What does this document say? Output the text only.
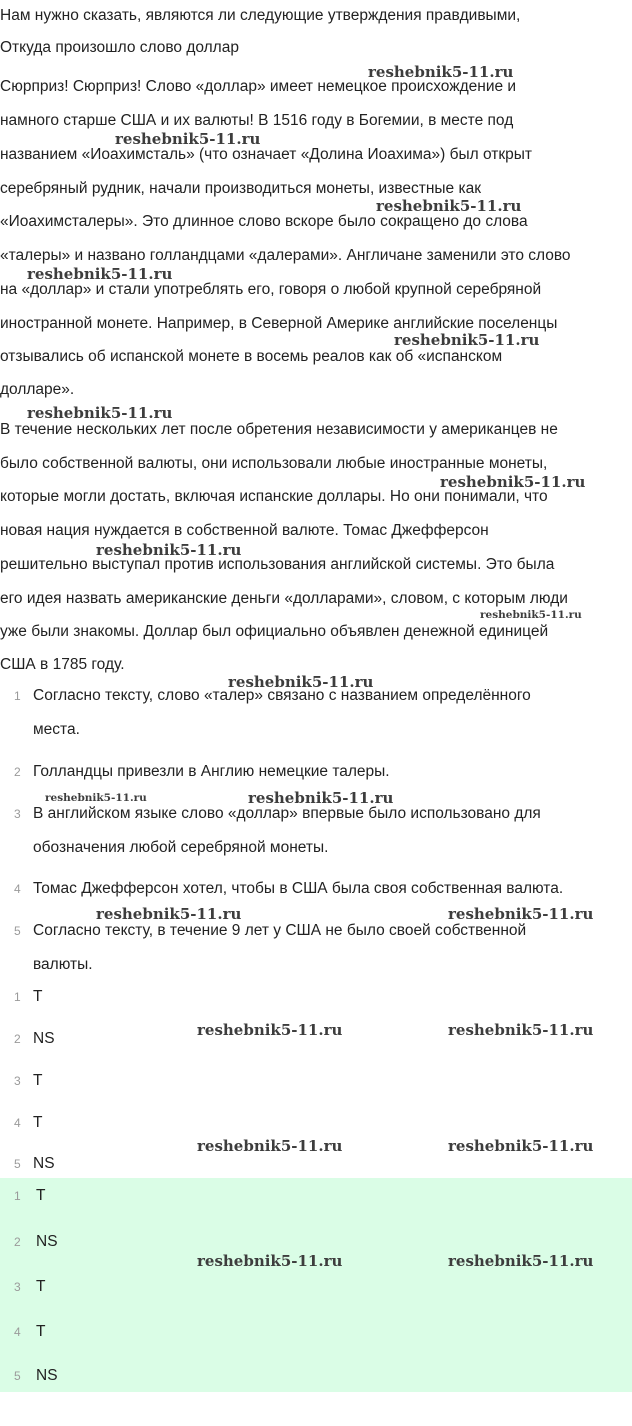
Нам нужно сказать, являются ли следующие утверждения правдивыми,
Откуда произошло слово доллар
Сюрприз! Сюрприз! Слово «доллар» имеет немецкое происхождение и
намного старше США и их валюты! В 1516 году в Богемии, в месте под
названием «Иоахимсталь» (что означает «Долина Иоахима») был открыт
серебряный рудник, начали производиться монеты, известные как
«Иоахимсталеры». Это длинное слово вскоре было сокращено до слова
«талеры» и названо голландцами «далерами». Англичане заменили это слово
на «доллар» и стали употреблять его, говоря о любой крупной серебряной
иностранной монете. Например, в Северной Америке английские поселенцы
отзывались об испанской монете в восемь реалов как об «испанском
долларе».
В течение нескольких лет после обретения независимости у американцев не
было собственной валюты, они использовали любые иностранные монеты,
которые могли достать, включая испанские доллары. Но они понимали, что
новая нация нуждается в собственной валюте. Томас Джефферсон
решительно выступал против использования английской системы. Это была
его идея назвать американские деньги «долларами», словом, с которым люди
уже были знакомы. Доллар был официально объявлен денежной единицей
США в 1785 году.
1 Согласно тексту, слово «талер» связано с названием определённого
места.
2 Голландцы привезли в Англию немецкие талеры.
3 В английском языке слово «доллар» впервые было использовано для
обозначения любой серебряной монеты.
4 Томас Джефферсон хотел, чтобы в США была своя собственная валюта.
5 Согласно тексту, в течение 9 лет у США не было своей собственной
валюты.
1 T
2 NS
3 T
4 T
5 NS
1 T
2 NS
3 T
4 T
5 NS
reshebnik5-11.ru
reshebnik5-11.ru
reshebnik5-11.ru
reshebnik5-11.ru
reshebnik5-11.ru
reshebnik5-11.ru
reshebnik5-11.ru
reshebnik5-11.ru
reshebnik5-11.ru
reshebnik5-11.ru
reshebnik5-11.ru	reshebnik5-11.ru
reshebnik5-11.ru	reshebnik5-11.ru
reshebnik5-11.ru	reshebnik5-11.ru
reshebnik5-11.ru	reshebnik5-11.ru
reshebnik5-11.ru	reshebnik5-11.ru
